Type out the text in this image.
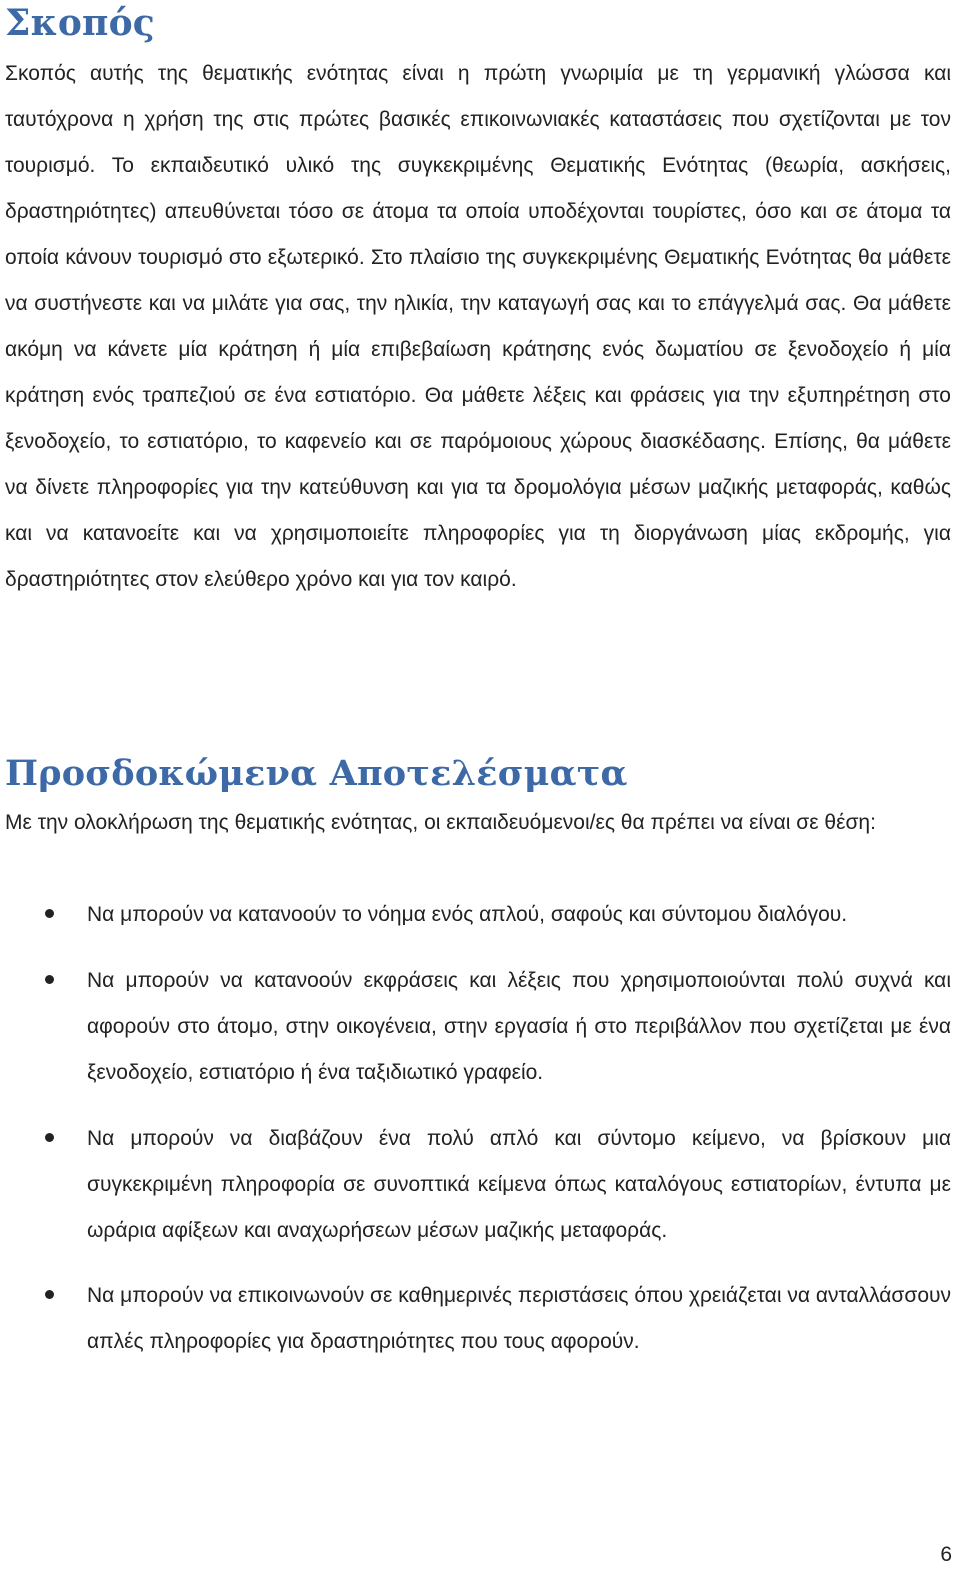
Σκοπός

Σκοπός αυτής της θεματικής ενότητας είναι η πρώτη γνωριμία με τη γερμανική γλώσσα και ταυτόχρονα η χρήση της στις πρώτες βασικές επικοινωνιακές καταστάσεις που σχετίζονται με τον τουρισμό. Το εκπαιδευτικό υλικό της συγκεκριμένης Θεματικής Ενότητας (θεωρία, ασκήσεις, δραστηριότητες) απευθύνεται τόσο σε άτομα τα οποία υποδέχονται τουρίστες, όσο και σε άτομα τα οποία κάνουν τουρισμό στο εξωτερικό. Στο πλαίσιο της συγκεκριμένης Θεματικής Ενότητας θα μάθετε να συστήνεστε και να μιλάτε για σας, την ηλικία, την καταγωγή σας και το επάγγελμά σας. Θα μάθετε ακόμη να κάνετε μία κράτηση ή μία επιβεβαίωση κράτησης ενός δωματίου σε ξενοδοχείο ή μία κράτηση ενός τραπεζιού σε ένα εστιατόριο. Θα μάθετε λέξεις και φράσεις για την εξυπηρέτηση στο ξενοδοχείο, το εστιατόριο, το καφενείο και σε παρόμοιους χώρους διασκέδασης. Επίσης, θα μάθετε να δίνετε πληροφορίες για την κατεύθυνση και για τα δρομολόγια μέσων μαζικής μεταφοράς, καθώς και να κατανοείτε και να χρησιμοποιείτε πληροφορίες για τη διοργάνωση μίας εκδρομής, για δραστηριότητες στον ελεύθερο χρόνο και για τον καιρό.

Προσδοκώμενα Αποτελέσματα

Με την ολοκλήρωση της θεματικής ενότητας, οι εκπαιδευόμενοι/ες θα πρέπει να είναι σε θέση:

Να μπορούν να κατανοούν το νόημα ενός απλού, σαφούς και σύντομου διαλόγου.

Να μπορούν να κατανοούν εκφράσεις και λέξεις που χρησιμοποιούνται πολύ συχνά και αφορούν στο άτομο, στην οικογένεια, στην εργασία ή στο περιβάλλον που σχετίζεται με ένα ξενοδοχείο, εστιατόριο ή ένα ταξιδιωτικό γραφείο.

Να μπορούν να διαβάζουν ένα πολύ απλό και σύντομο κείμενο, να βρίσκουν μια συγκεκριμένη πληροφορία σε συνοπτικά κείμενα όπως καταλόγους εστιατορίων, έντυπα με ωράρια αφίξεων και αναχωρήσεων μέσων μαζικής μεταφοράς.

Να μπορούν να επικοινωνούν σε καθημερινές περιστάσεις όπου χρειάζεται να ανταλλάσσουν απλές πληροφορίες για δραστηριότητες που τους αφορούν.

6
